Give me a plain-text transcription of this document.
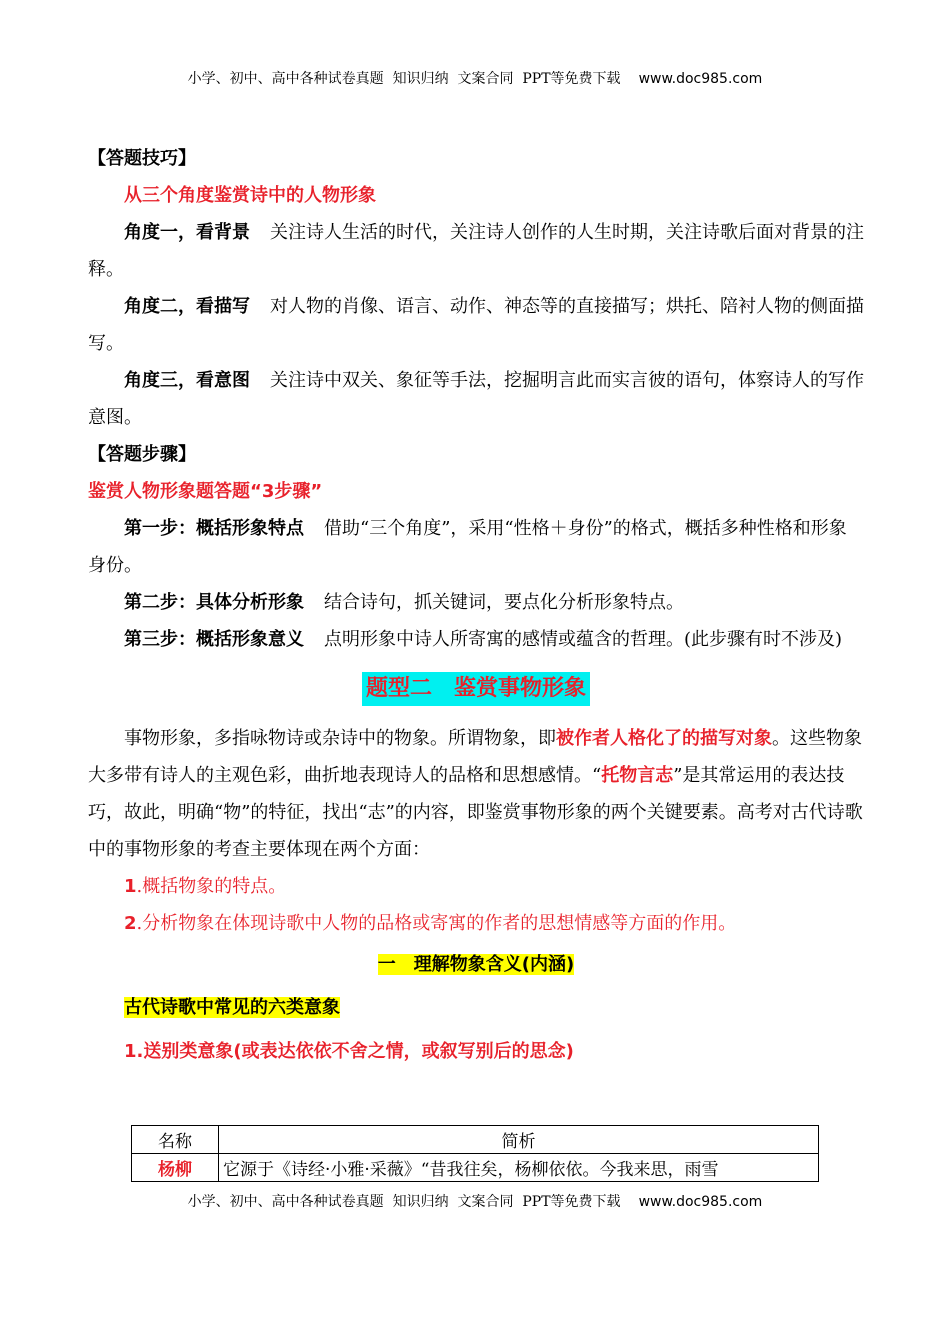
小学、初中、高中各种试卷真题  知识归纳  文案合同  PPT等免费下载 www.doc985.com

【答题技巧】

从三个角度鉴赏诗中的人物形象

角度一，看背景 关注诗人生活的时代，关注诗人创作的人生时期，关注诗歌后面对背景的注释。

角度二，看描写 对人物的肖像、语言、动作、神态等的直接描写；烘托、陪衬人物的侧面描写。

角度三，看意图 关注诗中双关、象征等手法，挖掘明言此而实言彼的语句，体察诗人的写作意图。

【答题步骤】

鉴赏人物形象题答题“3步骤”

第一步：概括形象特点 借助“三个角度”，采用“性格＋身份”的格式，概括多种性格和形象身份。

第二步：具体分析形象 结合诗句，抓关键词，要点化分析形象特点。

第三步：概括形象意义 点明形象中诗人所寄寓的感情或蕴含的哲理。(此步骤有时不涉及)

题型二　鉴赏事物形象

事物形象，多指咏物诗或杂诗中的物象。所谓物象，即被作者人格化了的描写对象。这些物象大多带有诗人的主观色彩，曲折地表现诗人的品格和思想感情。“托物言志”是其常运用的表达技巧，故此，明确“物”的特征，找出“志”的内容，即鉴赏事物形象的两个关键要素。高考对古代诗歌中的事物形象的考查主要体现在两个方面：

1.概括物象的特点。

2.分析物象在体现诗歌中人物的品格或寄寓的作者的思想情感等方面的作用。

一　理解物象含义(内涵)
古代诗歌中常见的六类意象
1.送别类意象(或表达依依不舍之情，或叙写别后的思念)
名称	简析
杨柳	它源于《诗经·小雅·采薇》“昔我往矣，杨柳依依。今我来思，雨雪
小学、初中、高中各种试卷真题  知识归纳  文案合同  PPT等免费下载 www.doc985.com
